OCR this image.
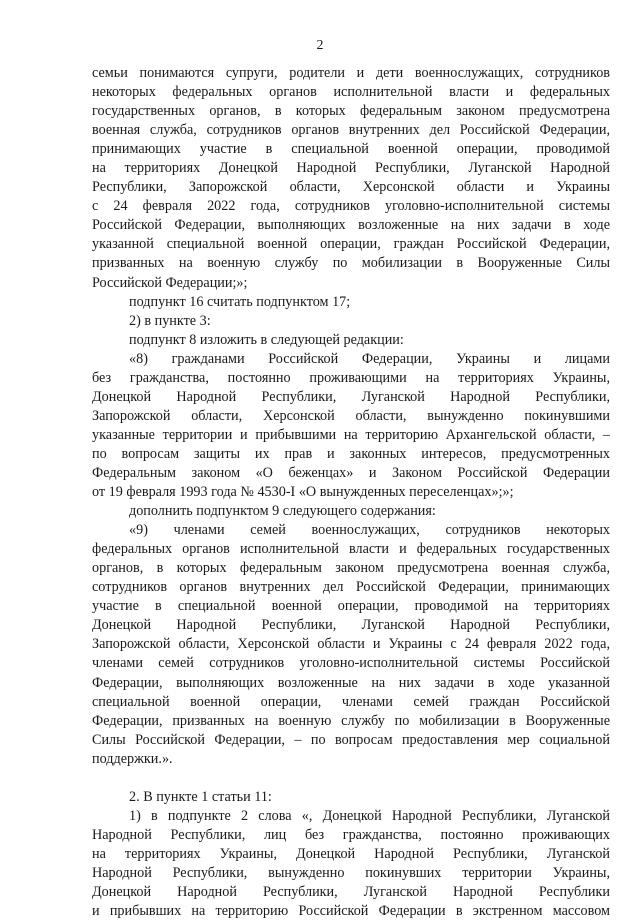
2
семьи понимаются супруги, родители и дети военнослужащих, сотрудников
некоторых федеральных органов исполнительной власти и федеральных
государственных органов, в которых федеральным законом предусмотрена
военная служба, сотрудников органов внутренних дел Российской Федерации,
принимающих участие в специальной военной операции, проводимой
на территориях Донецкой Народной Республики, Луганской Народной
Республики, Запорожской области, Херсонской области и Украины
с 24 февраля 2022 года, сотрудников уголовно-исполнительной системы
Российской Федерации, выполняющих возложенные на них задачи в ходе
указанной специальной военной операции, граждан Российской Федерации,
призванных на военную службу по мобилизации в Вооруженные Силы
Российской Федерации;»;
подпункт 16 считать подпунктом 17;
2) в пункте 3:
подпункт 8 изложить в следующей редакции:
«8) гражданами Российской Федерации, Украины и лицами
без гражданства, постоянно проживающими на территориях Украины,
Донецкой Народной Республики, Луганской Народной Республики,
Запорожской области, Херсонской области, вынужденно покинувшими
указанные территории и прибывшими на территорию Архангельской области, –
по вопросам защиты их прав и законных интересов, предусмотренных
Федеральным законом «О беженцах» и Законом Российской Федерации
от 19 февраля 1993 года № 4530-I «О вынужденных переселенцах»;»;
дополнить подпунктом 9 следующего содержания:
«9) членами семей военнослужащих, сотрудников некоторых
федеральных органов исполнительной власти и федеральных государственных
органов, в которых федеральным законом предусмотрена военная служба,
сотрудников органов внутренних дел Российской Федерации, принимающих
участие в специальной военной операции, проводимой на территориях
Донецкой Народной Республики, Луганской Народной Республики,
Запорожской области, Херсонской области и Украины с 24 февраля 2022 года,
членами семей сотрудников уголовно-исполнительной системы Российской
Федерации, выполняющих возложенные на них задачи в ходе указанной
специальной военной операции, членами семей граждан Российской
Федерации, призванных на военную службу по мобилизации в Вооруженные
Силы Российской Федерации, – по вопросам предоставления мер социальной
поддержки.».
2. В пункте 1 статьи 11:
1) в подпункте 2 слова «, Донецкой Народной Республики, Луганской
Народной Республики, лиц без гражданства, постоянно проживающих
на территориях Украины, Донецкой Народной Республики, Луганской
Народной Республики, вынужденно покинувших территории Украины,
Донецкой Народной Республики, Луганской Народной Республики
и прибывших на территорию Российской Федерации в экстренном массовом
